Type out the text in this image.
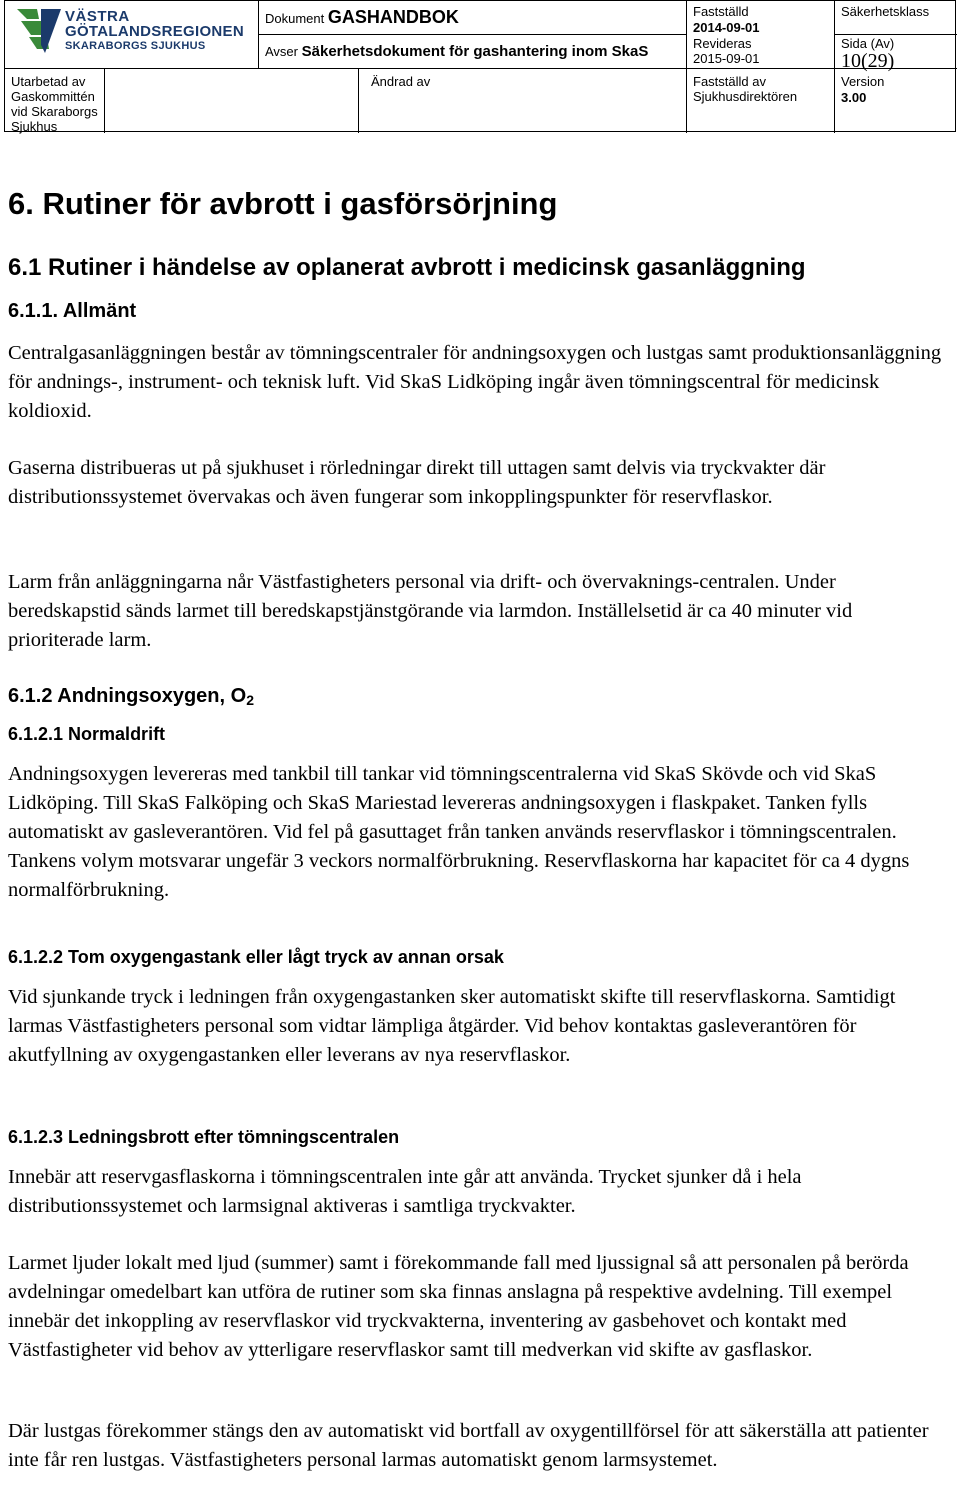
VÄSTRA
GÖTALANDSREGIONEN
SKARABORGS SJUKHUS
Dokument GASHANDBOK
Avser Säkerhetsdokument för gashantering inom SkaS
Fastställd
2014-09-01
Revideras
2015-09-01
Säkerhetsklass
Sida (Av)
10(29)
Utarbetad av
Gaskommittén
vid Skaraborgs
Sjukhus
Ändrad av	Fastställd av
Sjukhusdirektören
Version
3.00
6. Rutiner för avbrott i gasförsörjning
6.1 Rutiner i händelse av oplanerat avbrott i medicinsk gasanläggning
6.1.1. Allmänt

Centralgasanläggningen består av tömningscentraler för andningsoxygen och lustgas samt produktionsanläggning för andnings-, instrument- och teknisk luft. Vid SkaS Lidköping ingår även tömningscentral för medicinsk koldioxid.

Gaserna distribueras ut på sjukhuset i rörledningar direkt till uttagen samt delvis via tryckvakter där distributionssystemet övervakas och även fungerar som inkopplingspunkter för reservflaskor.

Larm från anläggningarna når Västfastigheters personal via drift- och övervaknings-centralen. Under beredskapstid sänds larmet till beredskapstjänstgörande via larmdon. Inställelsetid är ca 40 minuter vid prioriterade larm.

6.1.2 Andningsoxygen, $O_2$
6.1.2.1 Normaldrift

Andningsoxygen levereras med tankbil till tankar vid tömningscentralerna vid SkaS Skövde och vid SkaS Lidköping. Till SkaS Falköping och SkaS Mariestad levereras andningsoxygen i flaskpaket. Tanken fylls automatiskt av gasleverantören. Vid fel på gasuttaget från tanken används reservflaskor i tömningscentralen. Tankens volym motsvarar ungefär 3 veckors normalförbrukning. Reservflaskorna har kapacitet för ca 4 dygns normalförbrukning.

6.1.2.2 Tom oxygengastank eller lågt tryck av annan orsak

Vid sjunkande tryck i ledningen från oxygengastanken sker automatiskt skifte till reservflaskorna. Samtidigt larmas Västfastigheters personal som vidtar lämpliga åtgärder. Vid behov kontaktas gasleverantören för akutfyllning av oxygengastanken eller leverans av nya reservflaskor.

6.1.2.3 Ledningsbrott efter tömningscentralen

Innebär att reservgasflaskorna i tömningscentralen inte går att använda. Trycket sjunker då i hela distributionssystemet och larmsignal aktiveras i samtliga tryckvakter.

Larmet ljuder lokalt med ljud (summer) samt i förekommande fall med ljussignal så att personalen på berörda avdelningar omedelbart kan utföra de rutiner som ska finnas anslagna på respektive avdelning. Till exempel innebär det inkoppling av reservflaskor vid tryckvakterna, inventering av gasbehovet och kontakt med Västfastigheter vid behov av ytterligare reservflaskor samt till medverkan vid skifte av gasflaskor.

Där lustgas förekommer stängs den av automatiskt vid bortfall av oxygentillförsel för att säkerställa att patienter inte får ren lustgas. Västfastigheters personal larmas automatiskt genom larmsystemet.
